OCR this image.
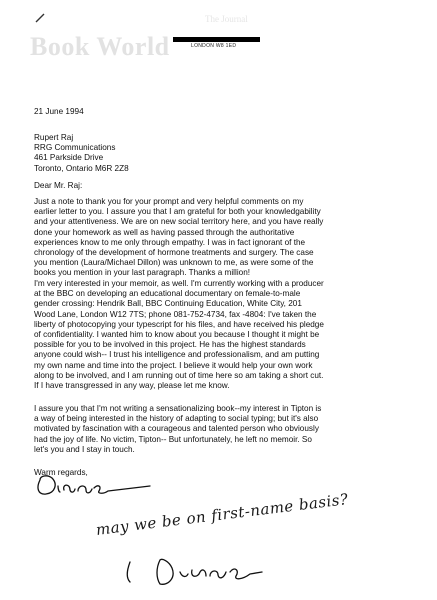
The Journal
Book World	LONDON W8 1ED
21 June 1994
Rupert Raj
RRG Communications
461 Parkside Drive
Toronto, Ontario M6R 2Z8
Dear Mr. Raj:
Just a note to thank you for your prompt and very helpful comments on my
earlier letter to you. I assure you that I am grateful for both your knowledgability
and your attentiveness. We are on new social territory here, and you have really
done your homework as well as having passed through the authoritative
experiences know to me only through empathy. I was in fact ignorant of the
chronology of the development of hormone treatments and surgery. The case
you mention (Laura/Michael Dillon) was unknown to me, as were some of the
books you mention in your last paragraph. Thanks a million!
I'm very interested in your memoir, as well. I'm currently working with a producer
at the BBC on developing an educational documentary on female-to-male
gender crossing: Hendrik Ball, BBC Continuing Education, White City, 201
Wood Lane, London W12 7TS; phone 081-752-4734, fax -4804: I've taken the
liberty of photocopying your typescript for his files, and have received his pledge
of confidentiality. I wanted him to know about you because I thought it might be
possible for you to be involved in this project. He has the highest standards
anyone could wish-- I trust his intelligence and professionalism, and am putting
my own name and time into the project. I believe it would help your own work
along to be involved, and I am running out of time here so am taking a short cut.
If I have transgressed in any way, please let me know.
I assure you that I'm not writing a sensationalizing book--my interest in Tipton is
a way of being interested in the history of adapting to social typing; but it's also
motivated by fascination with a courageous and talented person who obviously
had the joy of life. No victim, Tipton-- But unfortunately, he left no memoir. So
let's you and I stay in touch.
Warm regards,
may we be on first-name basis?
